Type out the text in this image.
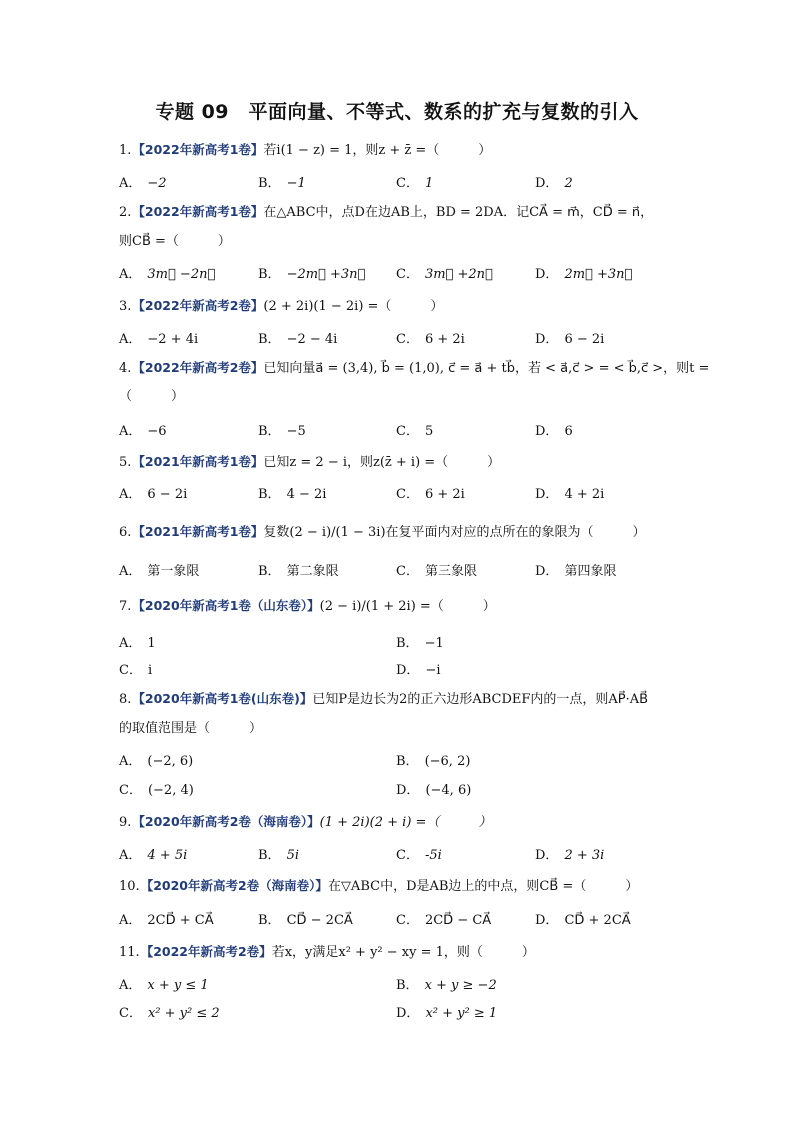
专题 09　平面向量、不等式、数系的扩充与复数的引入
1.【2022年新高考1卷】若i(1 − z) = 1，则z + z̄ =（　　　）
A． −2	B． −1	C． 1	D． 2
2.【2022年新高考1卷】在△ABC中，点D在边AB上，BD = 2DA．记CA⃗ = m⃗，CD⃗ = n⃗，
则CB⃗ =（　　　）
A． 3m⃗ −2n⃗	B． −2m⃗ +3n⃗ C． 3m⃗ +2n⃗	D． 2m⃗ +3n⃗
3.【2022年新高考2卷】(2 + 2i)(1 − 2i) =（　　　）
A． −2 + 4i	B． −2 − 4i	C． 6 + 2i	D． 6 − 2i
4.【2022年新高考2卷】已知向量a⃗ = (3,4), b⃗ = (1,0), c⃗ = a⃗ + tb⃗，若 < a⃗,c⃗ > = < b⃗,c⃗ >，则t =
（　　　）
A． −6	B． −5	C． 5	D． 6
5.【2021年新高考1卷】已知z = 2 − i，则z(z̄ + i) =（　　　）
A． 6 − 2i	B． 4 − 2i	C． 6 + 2i	D． 4 + 2i
6.【2021年新高考1卷】复数(2 − i)/(1 − 3i)在复平面内对应的点所在的象限为（　　　）
A． 第一象限	B． 第二象限	C． 第三象限	D． 第四象限
7.【2020年新高考1卷（山东卷）】(2 − i)/(1 + 2i) =（　　　）
A． 1	B． −1
C． i	D． −i
8.【2020年新高考1卷(山东卷)】已知P是边长为2的正六边形ABCDEF内的一点，则AP⃗·AB⃗
的取值范围是（　　　）
A． (−2, 6)	B． (−6, 2)
C． (−2, 4)	D． (−4, 6)
9.【2020年新高考2卷（海南卷）】(1 + 2i)(2 + i) =（　　　）
A． 4 + 5i	B． 5i	C． -5i	D． 2 + 3i
10.【2020年新高考2卷（海南卷）】在▽ABC中，D是AB边上的中点，则CB⃗ =（　　　）
A． 2CD⃗ + CA⃗	B． CD⃗ − 2CA⃗	C． 2CD⃗ − CA⃗	D． CD⃗ + 2CA⃗
11.【2022年新高考2卷】若x，y满足x² + y² − xy = 1，则（　　　）
A． x + y ≤ 1	B． x + y ≥ −2
C． x² + y² ≤ 2	D． x² + y² ≥ 1
